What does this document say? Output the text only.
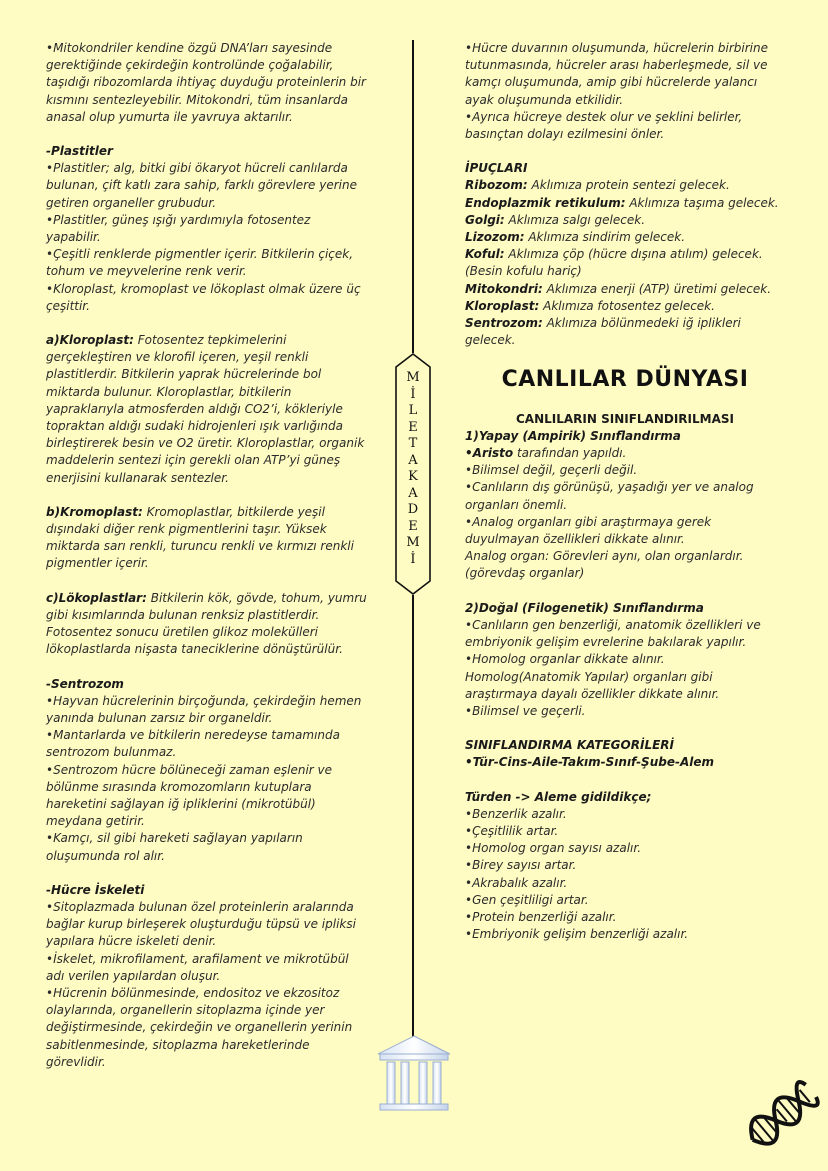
•Mitokondriler kendine özgü DNA’ları sayesinde gerektiğinde çekirdeğin kontrolünde çoğalabilir, taşıdığı ribozomlarda ihtiyaç duyduğu proteinlerin bir kısmını sentezleyebilir. Mitokondri, tüm insanlarda anasal olup yumurta ile yavruya aktarılır.

-Plastitler

•Plastitler; alg, bitki gibi ökaryot hücreli canlılarda bulunan, çift katlı zara sahip, farklı görevlere yerine getiren organeller grubudur.

•Plastitler, güneş ışığı yardımıyla fotosentez yapabilir.

•Çeşitli renklerde pigmentler içerir. Bitkilerin çiçek, tohum ve meyvelerine renk verir.

•Kloroplast, kromoplast ve lökoplast olmak üzere üç çeşittir.

a)Kloroplast: Fotosentez tepkimelerini gerçekleştiren ve klorofil içeren, yeşil renkli plastitlerdir. Bitkilerin yaprak hücrelerinde bol miktarda bulunur. Kloroplastlar, bitkilerin yapraklarıyla atmosferden aldığı CO2’i, kökleriyle topraktan aldığı sudaki hidrojenleri ışık varlığında birleştirerek besin ve O2 üretir. Kloroplastlar, organik maddelerin sentezi için gerekli olan ATP’yi güneş enerjisini kullanarak sentezler.

b)Kromoplast: Kromoplastlar, bitkilerde yeşil dışındaki diğer renk pigmentlerini taşır. Yüksek miktarda sarı renkli, turuncu renkli ve kırmızı renkli pigmentler içerir.

c)Lökoplastlar: Bitkilerin kök, gövde, tohum, yumru gibi kısımlarında bulunan renksiz plastitlerdir. Fotosentez sonucu üretilen glikoz molekülleri lökoplastlarda nişasta taneciklerine dönüştürülür.

-Sentrozom

•Hayvan hücrelerinin birçoğunda, çekirdeğin hemen yanında bulunan zarsız bir organeldir.

•Mantarlarda ve bitkilerin neredeyse tamamında sentrozom bulunmaz.

•Sentrozom hücre bölüneceği zaman eşlenir ve bölünme sırasında kromozomların kutuplara hareketini sağlayan iğ ipliklerini (mikrotübül) meydana getirir.

•Kamçı, sil gibi hareketi sağlayan yapıların oluşumunda rol alır.

-Hücre İskeleti

•Sitoplazmada bulunan özel proteinlerin aralarında bağlar kurup birleşerek oluşturduğu tüpsü ve ipliksi yapılara hücre iskeleti denir.

•İskelet, mikrofilament, arafilament ve mikrotübül adı verilen yapılardan oluşur.

•Hücrenin bölünmesinde, endositoz ve ekzositoz olaylarında, organellerin sitoplazma içinde yer değiştirmesinde, çekirdeğin ve organellerin yerinin sabitlenmesinde, sitoplazma hareketlerinde görevlidir.

M
İ
L
E
T
A
K
A
D
E
M
İ

•Hücre duvarının oluşumunda, hücrelerin birbirine tutunmasında, hücreler arası haberleşmede, sil ve kamçı oluşumunda, amip gibi hücrelerde yalancı ayak oluşumunda etkilidir.

•Ayrıca hücreye destek olur ve şeklini belirler, basınçtan dolayı ezilmesini önler.

İPUÇLARI

Ribozom: Aklımıza protein sentezi gelecek.

Endoplazmik retikulum: Aklımıza taşıma gelecek.

Golgi: Aklımıza salgı gelecek.

Lizozom: Aklımıza sindirim gelecek.

Koful: Aklımıza çöp (hücre dışına atılım) gelecek. (Besin kofulu hariç)

Mitokondri: Aklımıza enerji (ATP) üretimi gelecek.

Kloroplast: Aklımıza fotosentez gelecek.

Sentrozom: Aklımıza bölünmedeki iğ iplikleri gelecek.

CANLILAR DÜNYASI

CANLILARIN SINIFLANDIRILMASI

1)Yapay (Ampirik) Sınıflandırma

•Aristo tarafından yapıldı.

•Bilimsel değil, geçerli değil.

•Canlıların dış görünüşü, yaşadığı yer ve analog organları önemli.

•Analog organları gibi araştırmaya gerek duyulmayan özellikleri dikkate alınır.

Analog organ: Görevleri aynı, olan organlardır.(görevdaş organlar)

2)Doğal (Filogenetik) Sınıflandırma

•Canlıların gen benzerliği, anatomik özellikleri ve embriyonik gelişim evrelerine bakılarak yapılır.

•Homolog organlar dikkate alınır.

Homolog(Anatomik Yapılar) organları gibi araştırmaya dayalı özellikler dikkate alınır.

•Bilimsel ve geçerli.

SINIFLANDIRMA KATEGORİLERİ

•Tür-Cins-Aile-Takım-Sınıf-Şube-Alem

Türden -> Aleme gidildikçe;

•Benzerlik azalır.

•Çeşitlilik artar.

•Homolog organ sayısı azalır.

•Birey sayısı artar.

•Akrabalık azalır.

•Gen çeşitliligi artar.

•Protein benzerliği azalır.

•Embriyonik gelişim benzerliği azalır.
